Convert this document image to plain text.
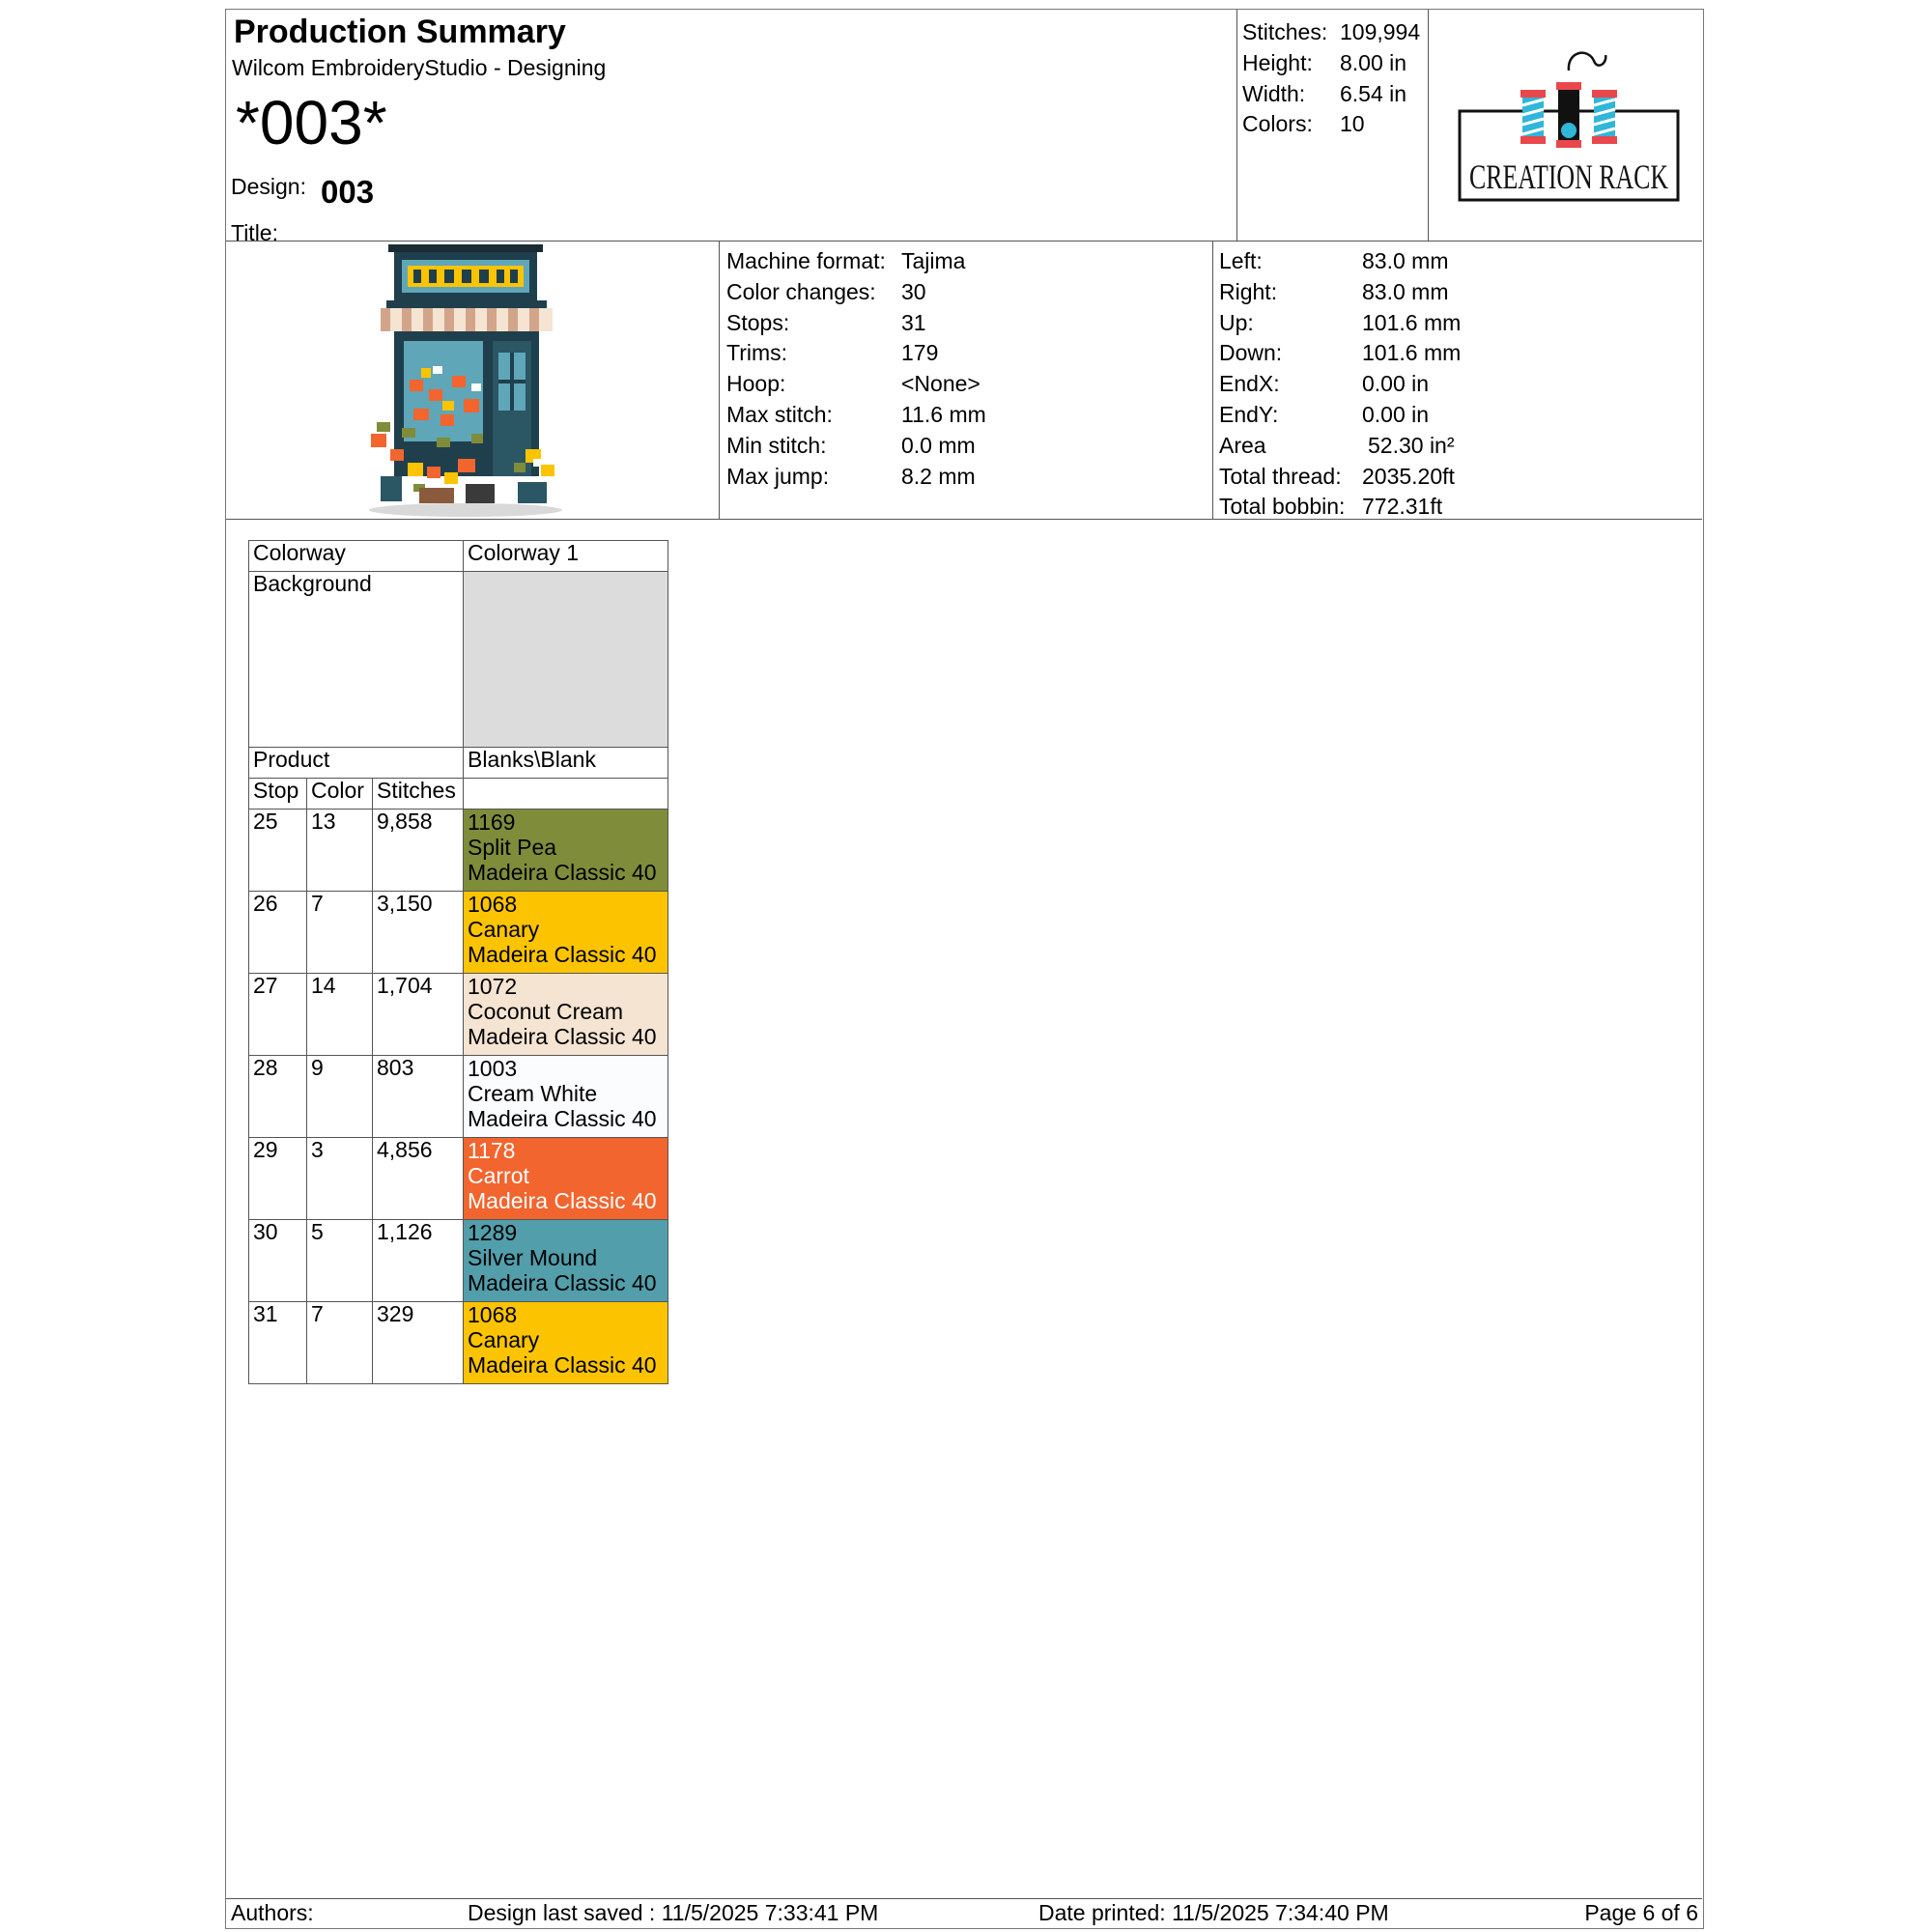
Production Summary
Wilcom EmbroideryStudio - Designing
*003*
Design: 003
Title:
Stitches: 109,994
Height: 8.00 in
Width: 6.54 in
Colors: 10
CREATION RACK
Machine format: Tajima
Color changes: 30
Stops:	31
Trims:	179
Hoop:	<None>
Max stitch:	11.6 mm
Min stitch:	0.0 mm
Max jump:	8.2 mm
Left:	83.0 mm
Right:	83.0 mm
Up:	101.6 mm
Down:	101.6 mm
EndX:	0.00 in
EndY:	0.00 in
Area	52.30 in²
Total thread: 2035.20ft
Total bobbin: 772.31ft
Colorway			Colorway 1
Background			
Product			Blanks\Blank
Stop	Color	Stitches	
25	13	9,858	1169
Split Pea
Madeira Classic 40

26	7	3,150	1068
Canary
Madeira Classic 40

27	14	1,704	1072
Coconut Cream
Madeira Classic 40

28	9	803	1003
Cream White
Madeira Classic 40

29	3	4,856	1178
Carrot
Madeira Classic 40

30	5	1,126	1289
Silver Mound
Madeira Classic 40

31	7	329	1068
Canary
Madeira Classic 40
Authors:	Design last saved : 11/5/2025 7:33:41 PM	Date printed: 11/5/2025 7:34:40 PM	Page 6 of 6
